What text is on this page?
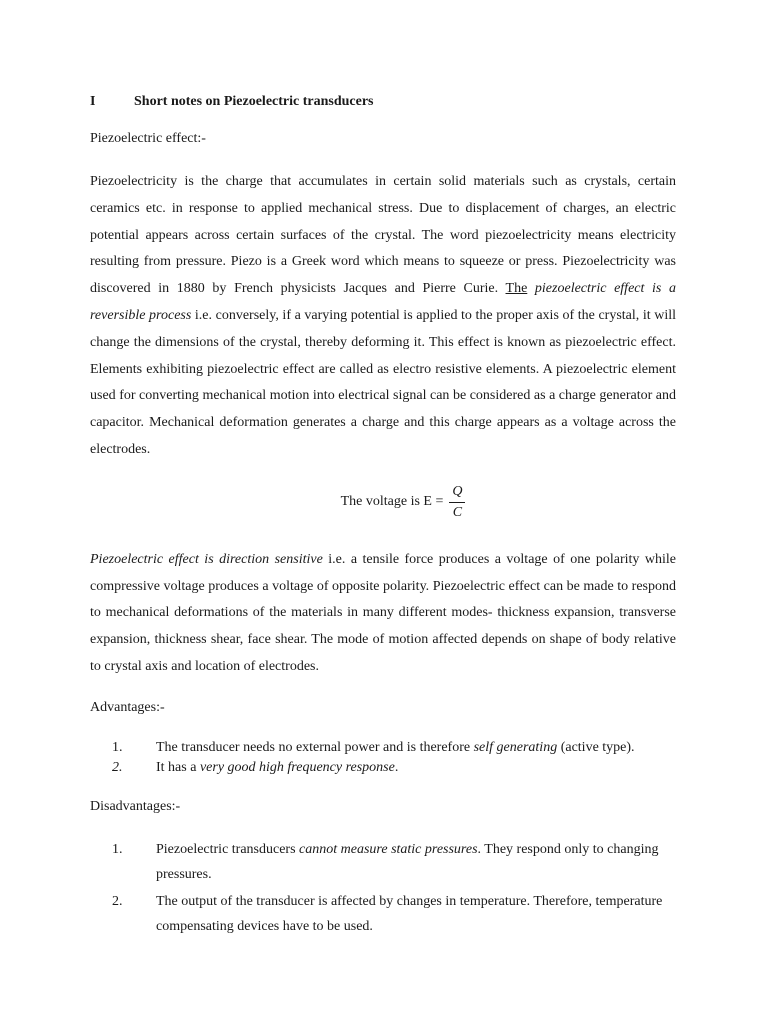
I	Short notes on Piezoelectric transducers

Piezoelectric effect:-

Piezoelectricity is the charge that accumulates in certain solid materials such as crystals, certain ceramics etc. in response to applied mechanical stress. Due to displacement of charges, an electric potential appears across certain surfaces of the crystal. The word piezoelectricity means electricity resulting from pressure. Piezo is a Greek word which means to squeeze or press. Piezoelectricity was discovered in 1880 by French physicists Jacques and Pierre Curie. The piezoelectric effect is a reversible process i.e. conversely, if a varying potential is applied to the proper axis of the crystal, it will change the dimensions of the crystal, thereby deforming it. This effect is known as piezoelectric effect. Elements exhibiting piezoelectric effect are called as electro resistive elements. A piezoelectric element used for converting mechanical motion into electrical signal can be considered as a charge generator and capacitor. Mechanical deformation generates a charge and this charge appears as a voltage across the electrodes.

The voltage is $E = \frac{Q}{C}$

Piezoelectric effect is direction sensitive i.e. a tensile force produces a voltage of one polarity while compressive voltage produces a voltage of opposite polarity. Piezoelectric effect can be made to respond to mechanical deformations of the materials in many different modes- thickness expansion, transverse expansion, thickness shear, face shear. The mode of motion affected depends on shape of body relative to crystal axis and location of electrodes.

Advantages:-

1.	The transducer needs no external power and is therefore self generating (active type).
2.	It has a very good high frequency response.

Disadvantages:-

1.	Piezoelectric transducers cannot measure static pressures. They respond only to changing pressures.
2.	The output of the transducer is affected by changes in temperature. Therefore, temperature compensating devices have to be used.
